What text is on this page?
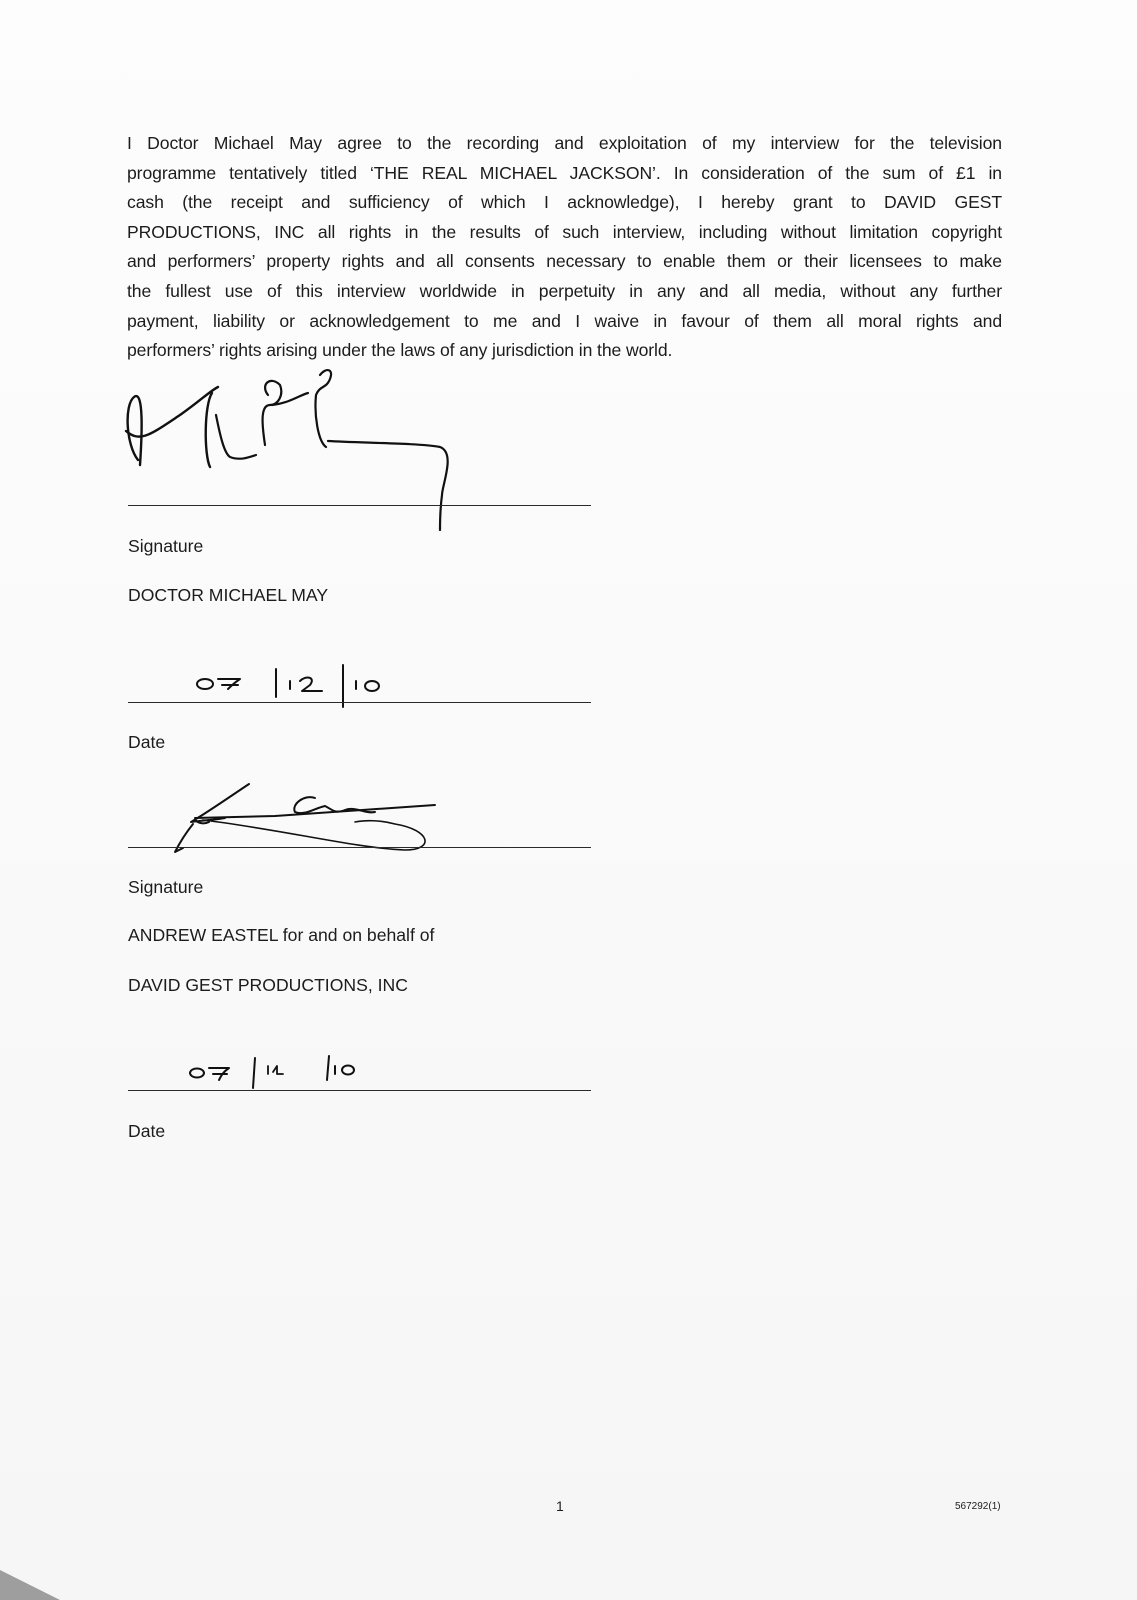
I Doctor Michael May agree to the recording and exploitation of my interview for the television
programme tentatively titled ‘THE REAL MICHAEL JACKSON’. In consideration of the sum of £1 in
cash (the receipt and sufficiency of which I acknowledge), I hereby grant to DAVID GEST
PRODUCTIONS, INC all rights in the results of such interview, including without limitation copyright
and performers’ property rights and all consents necessary to enable them or their licensees to make
the fullest use of this interview worldwide in perpetuity in any and all media, without any further
payment, liability or acknowledgement to me and I waive in favour of them all moral rights and
performers’ rights arising under the laws of any jurisdiction in the world.
Signature
DOCTOR MICHAEL MAY
Date
Signature
ANDREW EASTEL for and on behalf of
DAVID GEST PRODUCTIONS, INC
Date
1	567292(1)
